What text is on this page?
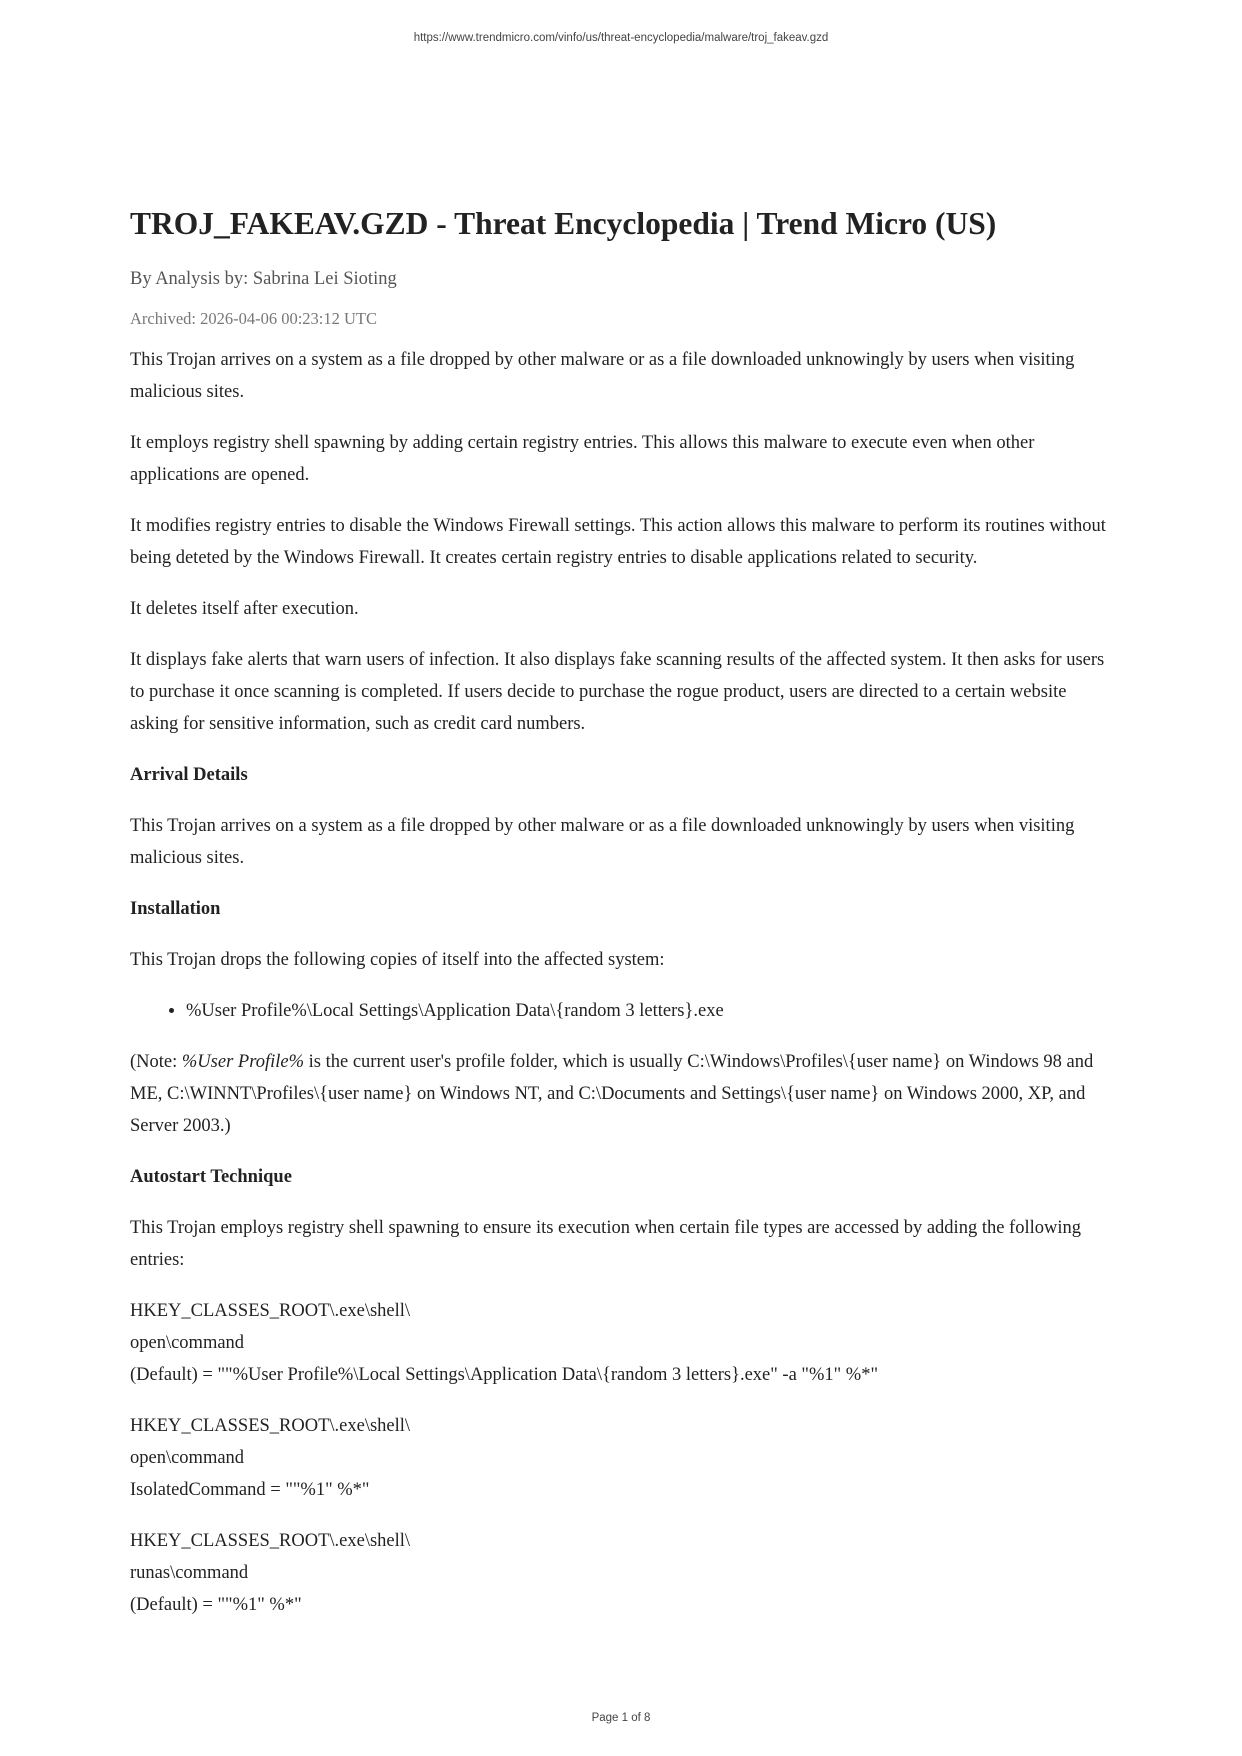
https://www.trendmicro.com/vinfo/us/threat-encyclopedia/malware/troj_fakeav.gzd
TROJ_FAKEAV.GZD - Threat Encyclopedia | Trend Micro (US)
By Analysis by: Sabrina Lei Sioting
Archived: 2026-04-06 00:23:12 UTC

This Trojan arrives on a system as a file dropped by other malware or as a file downloaded unknowingly by users when visiting malicious sites.

It employs registry shell spawning by adding certain registry entries. This allows this malware to execute even when other applications are opened.

It modifies registry entries to disable the Windows Firewall settings. This action allows this malware to perform its routines without being deteted by the Windows Firewall. It creates certain registry entries to disable applications related to security.

It deletes itself after execution.

It displays fake alerts that warn users of infection. It also displays fake scanning results of the affected system. It then asks for users to purchase it once scanning is completed. If users decide to purchase the rogue product, users are directed to a certain website asking for sensitive information, such as credit card numbers.

Arrival Details

This Trojan arrives on a system as a file dropped by other malware or as a file downloaded unknowingly by users when visiting malicious sites.

Installation

This Trojan drops the following copies of itself into the affected system:

• %User Profile%\Local Settings\Application Data\{random 3 letters}.exe

(Note: %User Profile% is the current user's profile folder, which is usually C:\Windows\Profiles\{user name} on Windows 98 and ME, C:\WINNT\Profiles\{user name} on Windows NT, and C:\Documents and Settings\{user name} on Windows 2000, XP, and Server 2003.)

Autostart Technique

This Trojan employs registry shell spawning to ensure its execution when certain file types are accessed by adding the following entries:

HKEY_CLASSES_ROOT\.exe\shell\
open\command
(Default) = ""%User Profile%\Local Settings\Application Data\{random 3 letters}.exe" -a "%1" %*"
HKEY_CLASSES_ROOT\.exe\shell\
open\command
IsolatedCommand = ""%1" %*"
HKEY_CLASSES_ROOT\.exe\shell\
runas\command
(Default) = ""%1" %*"
Page 1 of 8
